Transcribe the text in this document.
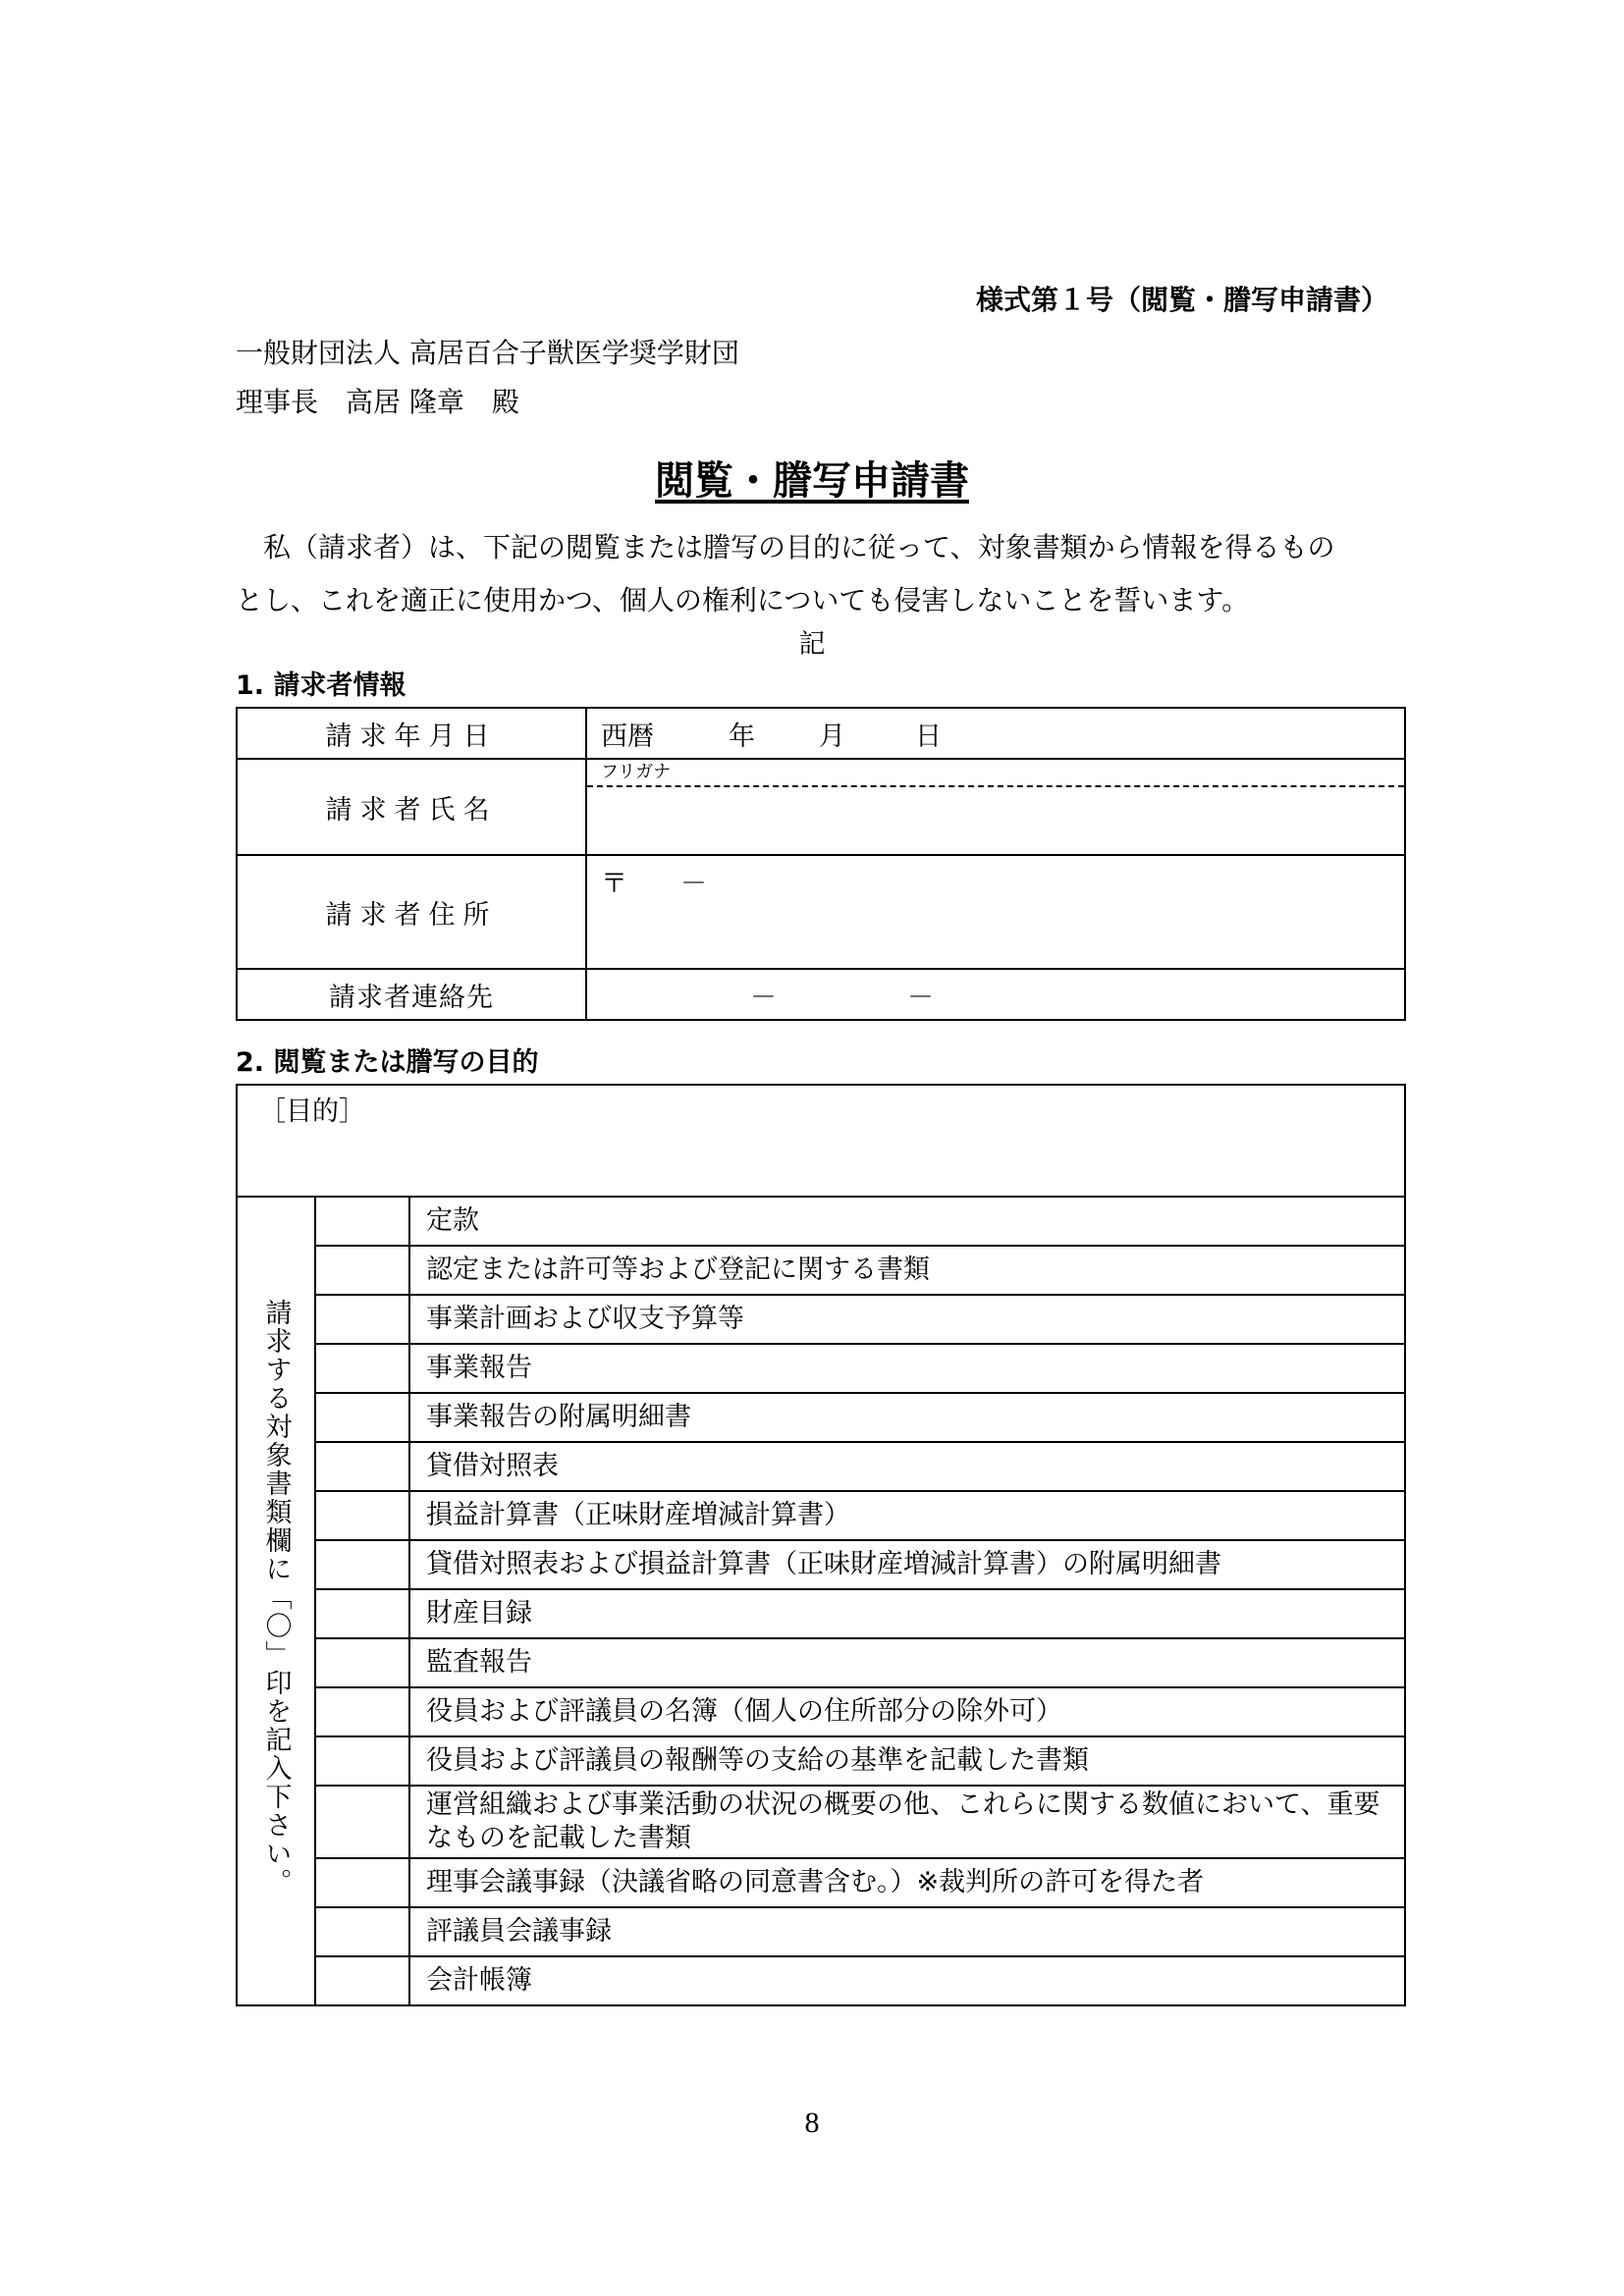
様式第１号（閲覧・謄写申請書）
一般財団法人 高居百合子獣医学奨学財団
理事長　高居 隆章　殿
閲覧・謄写申請書
　私（請求者）は、下記の閲覧または謄写の目的に従って、対象書類から情報を得るもの
とし、これを適正に使用かつ、個人の権利についても侵害しないことを誓います。
記
1. 請求者情報
請求年月日	西暦 年 月 日
請求者氏名	フリガナ

請求者住所	〒　　－

請求者連絡先	－ －
2. 閲覧または謄写の目的
［目的］		
請求する対象書類欄に「〇」印を記入下さい。		定款
		認定または許可等および登記に関する書類
		事業計画および収支予算等
		事業報告
		事業報告の附属明細書
		貸借対照表
		損益計算書（正味財産増減計算書）
		貸借対照表および損益計算書（正味財産増減計算書）の附属明細書
		財産目録
		監査報告
		役員および評議員の名簿（個人の住所部分の除外可）
		役員および評議員の報酬等の支給の基準を記載した書類
		運営組織および事業活動の状況の概要の他、これらに関する数値において、重要なものを記載した書類
		理事会議事録（決議省略の同意書含む。）※裁判所の許可を得た者
		評議員会議事録
		会計帳簿
8
